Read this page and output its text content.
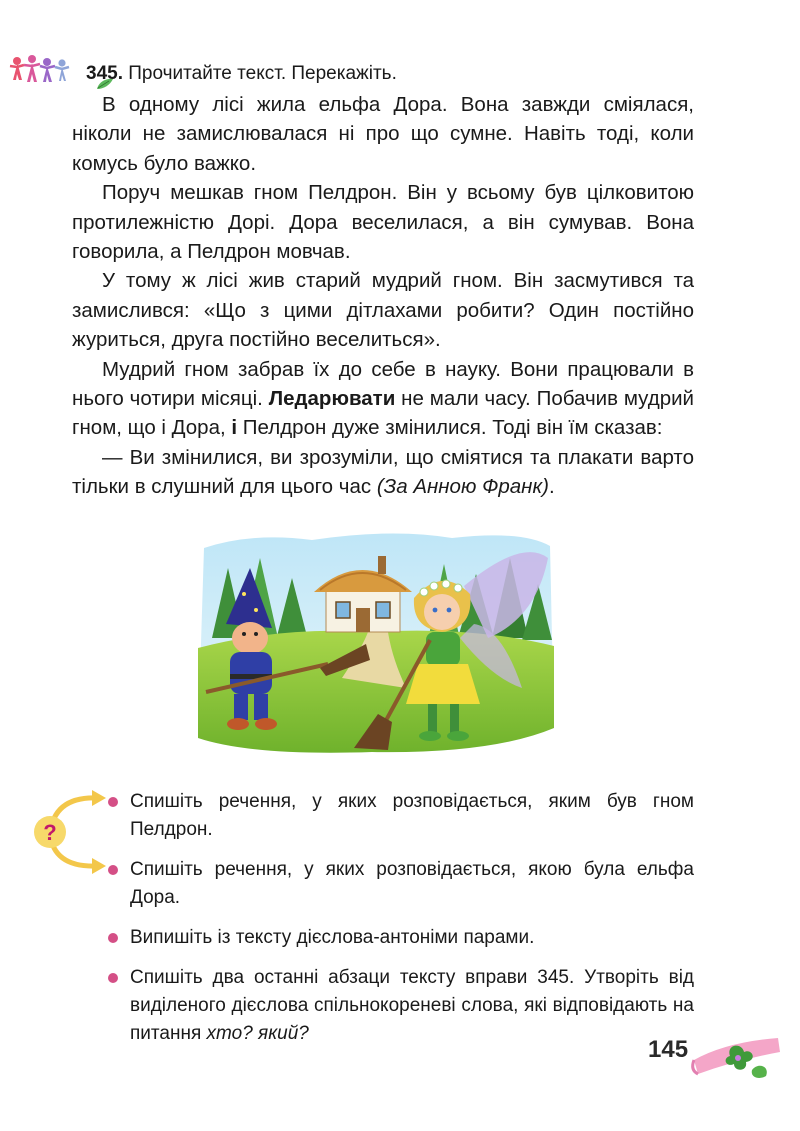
345. Прочитайте текст. Перекажіть.

В одному лісі жила ельфа Дора. Вона завжди сміялася, ніколи не замислювалася ні про що сумне. Навіть тоді, коли комусь було важко.

Поруч мешкав гном Пелдрон. Він у всьому був цілковитою протилежністю Дорі. Дора веселилася, а він сумував. Вона говорила, а Пелдрон мовчав.

У тому ж лісі жив старий мудрий гном. Він засмутився та замислився: «Що з цими дітлахами робити? Один постійно журиться, друга постійно веселиться».

Мудрий гном забрав їх до себе в науку. Вони працювали в нього чотири місяці. Ледарювати не мали часу. Побачив мудрий гном, що і Дора, і Пелдрон дуже змінилися. Тоді він їм сказав:

— Ви змінилися, ви зрозуміли, що сміятися та плакати варто тільки в слушний для цього час (За Анною Франк).

?
Спишіть речення, у яких розповідається, яким був гном Пелдрон.
Спишіть речення, у яких розповідається, якою була ельфа Дора.
Випишіть із тексту дієслова-антоніми парами.
Спишіть два останні абзаци тексту вправи 345. Утворіть від виділеного дієслова спільнокореневі слова, які відповідають на питання хто? який?
145
